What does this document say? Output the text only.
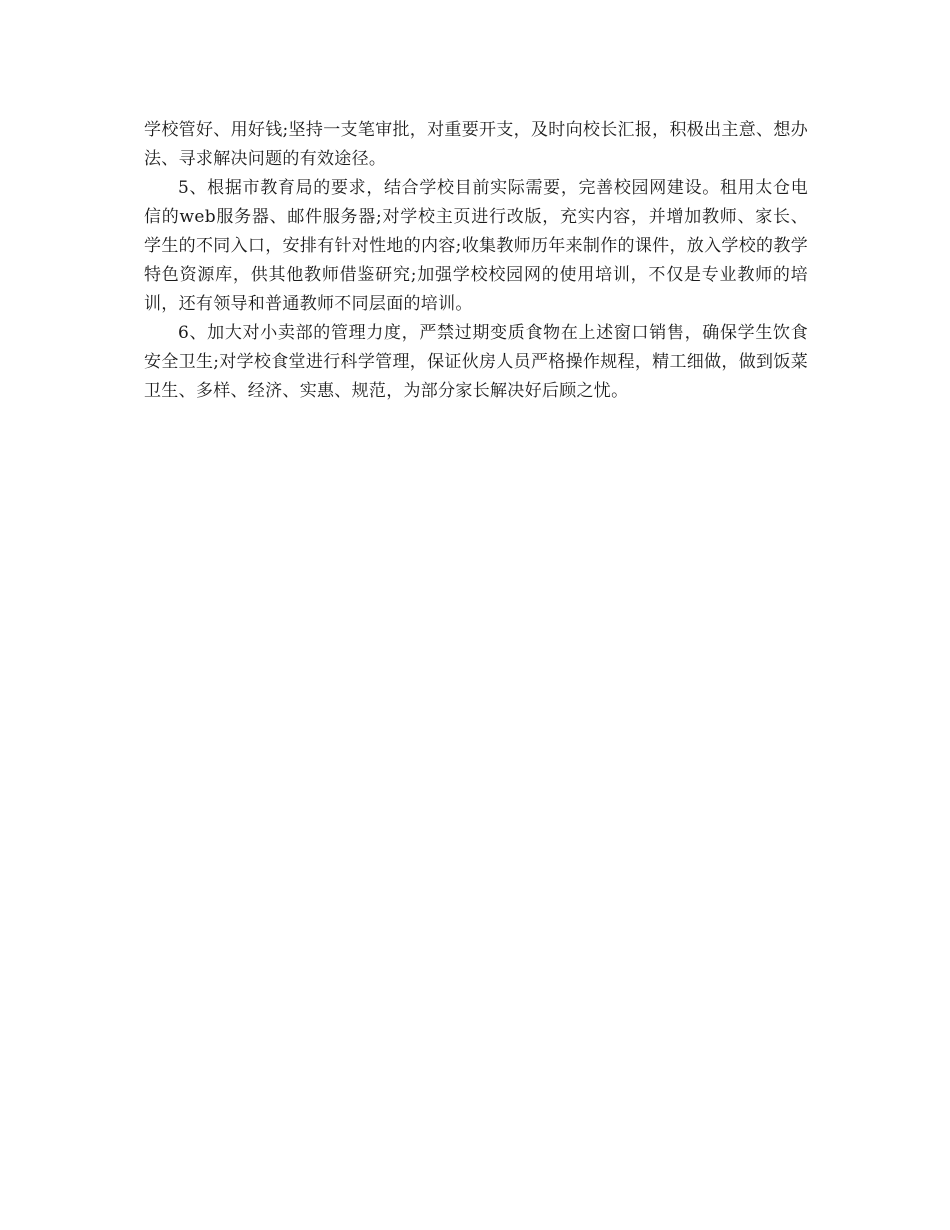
学校管好、用好钱;坚持一支笔审批，对重要开支，及时向校长汇报，积极出主意、想办法、寻求解决问题的有效途径。

5、根据市教育局的要求，结合学校目前实际需要，完善校园网建设。租用太仓电信的web服务器、邮件服务器;对学校主页进行改版，充实内容，并增加教师、家长、学生的不同入口，安排有针对性地的内容;收集教师历年来制作的课件，放入学校的教学特色资源库，供其他教师借鉴研究;加强学校校园网的使用培训，不仅是专业教师的培训，还有领导和普通教师不同层面的培训。

6、加大对小卖部的管理力度，严禁过期变质食物在上述窗口销售，确保学生饮食安全卫生;对学校食堂进行科学管理，保证伙房人员严格操作规程，精工细做，做到饭菜卫生、多样、经济、实惠、规范，为部分家长解决好后顾之忧。
